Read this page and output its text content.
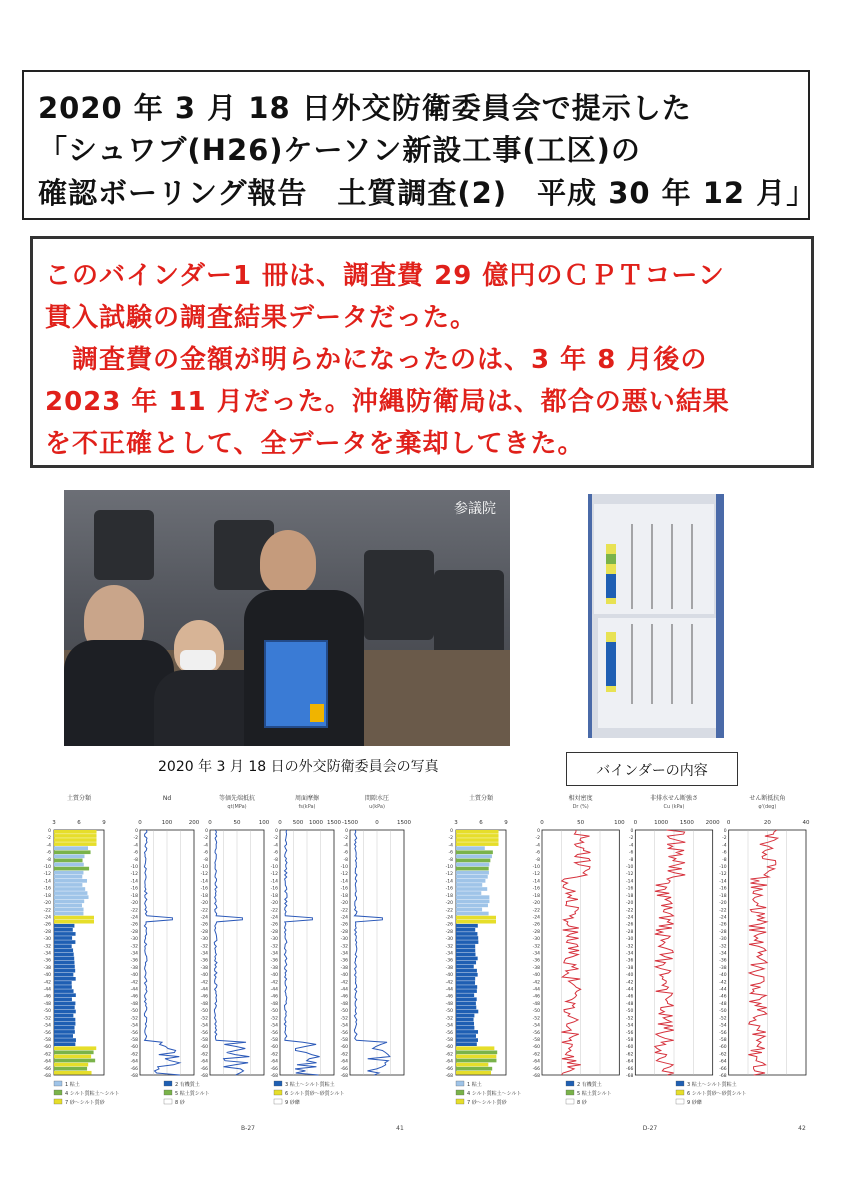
2020 年 3 月 18 日外交防衛委員会で提示した
「シュワブ(H26)ケーソン新設工事(工区)の
確認ボーリング報告　土質調査(2)　平成 30 年 12 月」
このバインダー1 冊は、調査費 29 億円のＣＰＴコーン
貫入試験の調査結果データだった。
　調査費の金額が明らかになったのは、3 年 8 月後の
2023 年 11 月だった。沖縄防衛局は、都合の悪い結果
を不正確として、全データを棄却してきた。
参議院
2020 年 3 月 18 日の外交防衛委員会の写真	バインダーの内容
土質分類
3	6	9
0
-2
-4
-6
-8
-10
-12
-14
-16
-18
-20
-22
-24
-26
-28
-30
-32
-34
-36
-38
-40
-42
-44
-46
-48
-50
-52
-54
-56
-58
-60
-62
-64
-66
-68
Nd
0	100	200
0
-2
-4
-6
-8
-10
-12
-14
-16
-18
-20
-22
-24
-26
-28
-30
-32
-34
-36
-38
-40
-42
-44
-46
-48
-50
-52
-54
-56
-58
-60
-62
-64
-66
-68
等価先端抵抗
qt(MPa)
0	50	100
0
-2
-4
-6
-8
-10
-12
-14
-16
-18
-20
-22
-24
-26
-28
-30
-32
-34
-36
-38
-40
-42
-44
-46
-48
-50
-52
-54
-56
-58
-60
-62
-64
-66
-68
周面摩擦
fs(kPa)
0 500 1000 1500
0
-2
-4
-6
-8
-10
-12
-14
-16
-18
-20
-22
-24
-26
-28
-30
-32
-34
-36
-38
-40
-42
-44
-46
-48
-50
-52
-54
-56
-58
-60
-62
-64
-66
-68
間隙水圧
u(kPa)
-1500	0	1500
0
-2
-4
-6
-8
-10
-12
-14
-16
-18
-20
-22
-24
-26
-28
-30
-32
-34
-36
-38
-40
-42
-44
-46
-48
-50
-52
-54
-56
-58
-60
-62
-64
-66
-68
1 粘土	2 有機質土	3 粘土～シルト質粘土
4 シルト質粘土～シルト	5 粘土質シルト	6 シルト質砂～砂質シルト
7 砂～シルト質砂	8 砂	9 砂礫
B-27	41
土質分類
3	6	9
0
-2
-4
-6
-8
-10
-12
-14
-16
-18
-20
-22
-24
-26
-28
-30
-32
-34
-36
-38
-40
-42
-44
-46
-48
-50
-52
-54
-56
-58
-60
-62
-64
-66
-68
相対密度
Dr (%)
0	50	100
0
-2
-4
-6
-8
-10
-12
-14
-16
-18
-20
-22
-24
-26
-28
-30
-32
-34
-36
-38
-40
-42
-44
-46
-48
-50
-52
-54
-56
-58
-60
-62
-64
-66
-68
非排水せん断強さ
Cu (kPa)
0	1000 1500 2000
0
-2
-4
-6
-8
-10
-12
-14
-16
-18
-20
-22
-24
-26
-28
-30
-32
-34
-36
-38
-40
-42
-44
-46
-48
-50
-52
-54
-56
-58
-60
-62
-64
-66
-68
せん断抵抗角
φ'(deg)
0	20	40
0
-2
-4
-6
-8
-10
-12
-14
-16
-18
-20
-22
-24
-26
-28
-30
-32
-34
-36
-38
-40
-42
-44
-46
-48
-50
-52
-54
-56
-58
-60
-62
-64
-66
-68
1 粘土	2 有機質土	3 粘土～シルト質粘土
4 シルト質粘土～シルト	5 粘土質シルト	6 シルト質砂～砂質シルト
7 砂～シルト質砂	8 砂	9 砂礫
D-27	42
